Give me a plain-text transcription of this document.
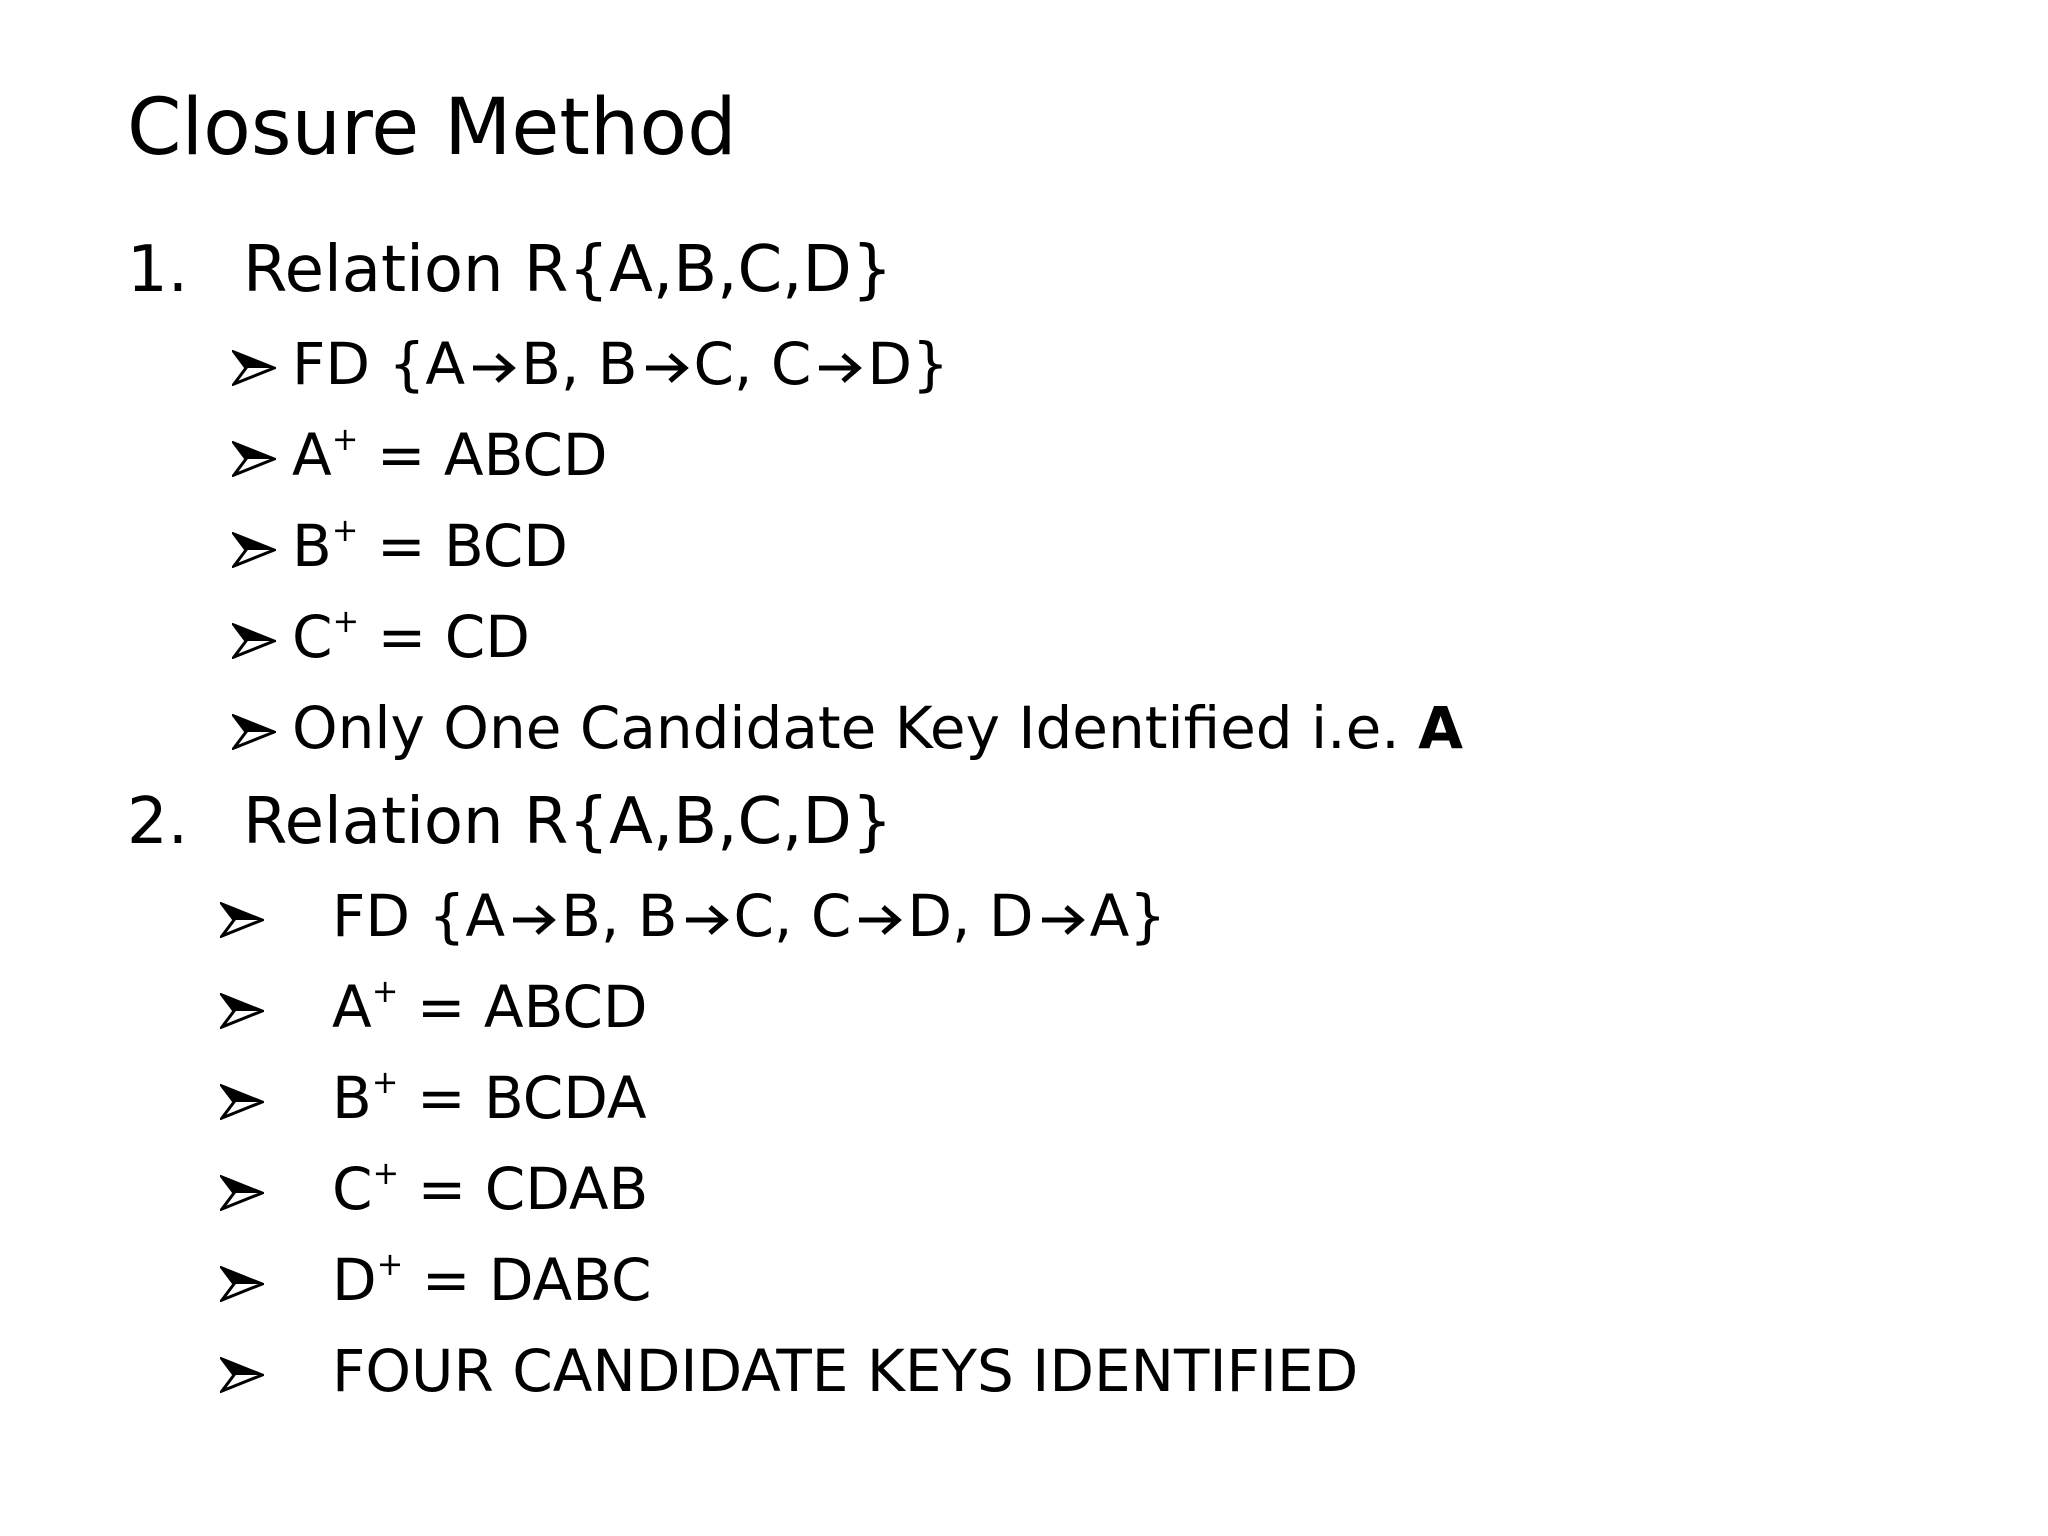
Closure Method
1. Relation R{A,B,C,D}
FD {A B, B C, C D}
A+ = ABCD
B+ = BCD
C+ = CD
Only One Candidate Key Identified i.e. A
2. Relation R{A,B,C,D}
FD {A B, B C, C D, D A}
A+ = ABCD
B+ = BCDA
C+ = CDAB
D+ = DABC
FOUR CANDIDATE KEYS IDENTIFIED
